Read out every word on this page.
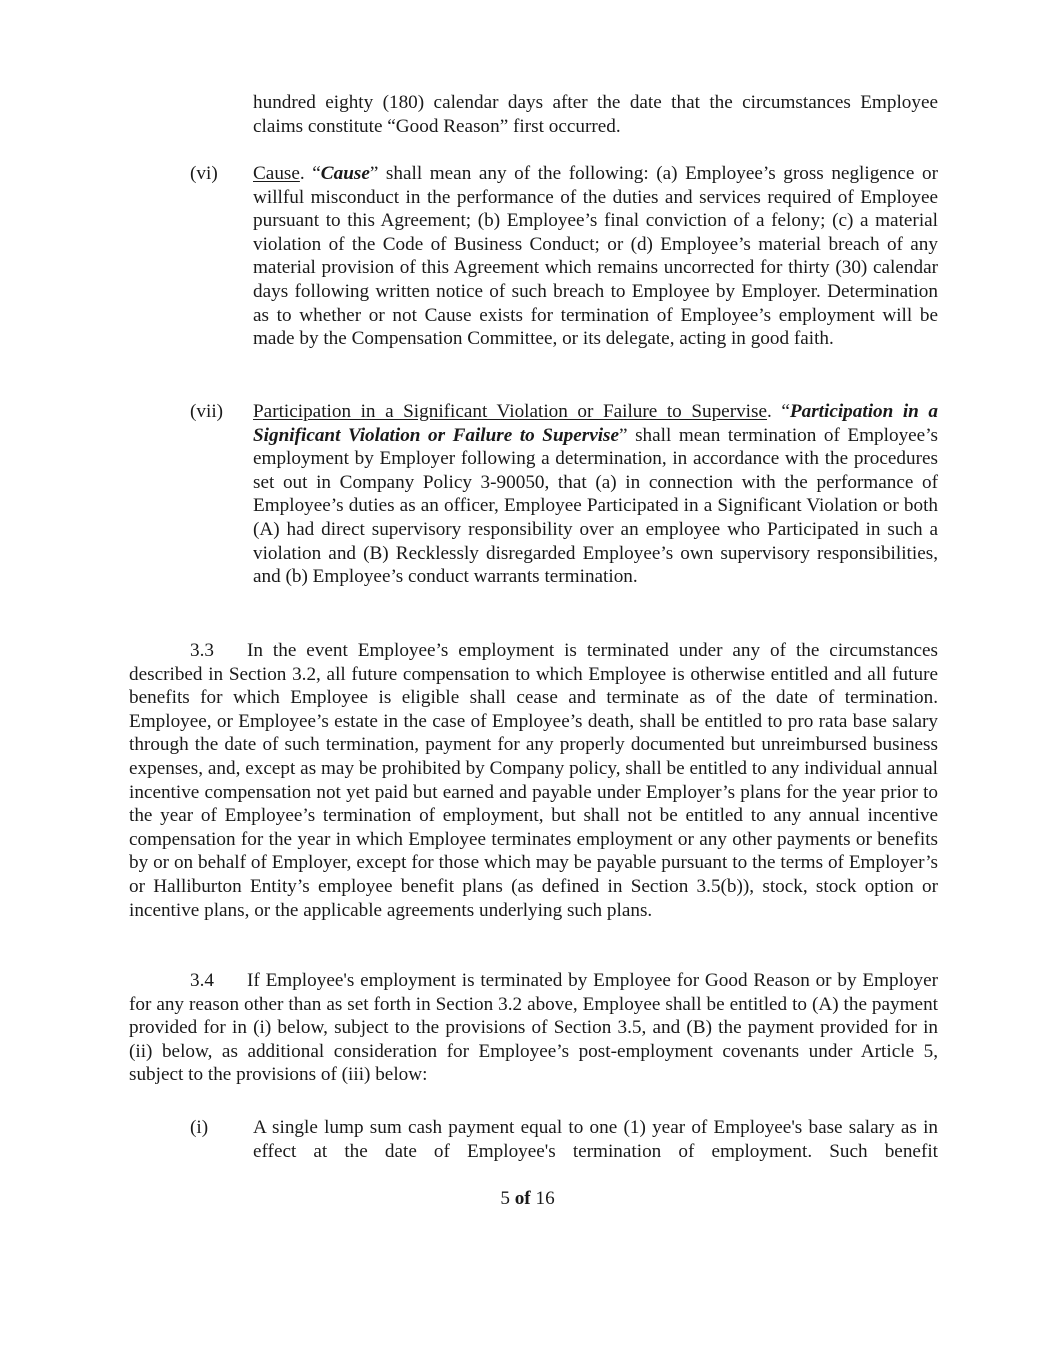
hundred eighty (180) calendar days after the date that the circumstances Employee claims constitute “Good Reason” first occurred.
(vi)	Cause. “Cause” shall mean any of the following: (a) Employee’s gross negligence or willful misconduct in the performance of the duties and services required of Employee pursuant to this Agreement; (b) Employee’s final conviction of a felony; (c) a material violation of the Code of Business Conduct; or (d) Employee’s material breach of any material provision of this Agreement which remains uncorrected for thirty (30) calendar days following written notice of such breach to Employee by Employer. Determination as to whether or not Cause exists for termination of Employee’s employment will be made by the Compensation Committee, or its delegate, acting in good faith.
(vii)	Participation in a Significant Violation or Failure to Supervise. “Participation in a Significant Violation or Failure to Supervise” shall mean termination of Employee’s employment by Employer following a determination, in accordance with the procedures set out in Company Policy 3-90050, that (a) in connection with the performance of Employee’s duties as an officer, Employee Participated in a Significant Violation or both (A) had direct supervisory responsibility over an employee who Participated in such a violation and (B) Recklessly disregarded Employee’s own supervisory responsibilities, and (b) Employee’s conduct warrants termination.
3.3 In the event Employee’s employment is terminated under any of the circumstances described in Section 3.2, all future compensation to which Employee is otherwise entitled and all future benefits for which Employee is eligible shall cease and terminate as of the date of termination. Employee, or Employee’s estate in the case of Employee’s death, shall be entitled to pro rata base salary through the date of such termination, payment for any properly documented but unreimbursed business expenses, and, except as may be prohibited by Company policy, shall be entitled to any individual annual incentive compensation not yet paid but earned and payable under Employer’s plans for the year prior to the year of Employee’s termination of employment, but shall not be entitled to any annual incentive compensation for the year in which Employee terminates employment or any other payments or benefits by or on behalf of Employer, except for those which may be payable pursuant to the terms of Employer’s or Halliburton Entity’s employee benefit plans (as defined in Section 3.5(b)), stock, stock option or incentive plans, or the applicable agreements underlying such plans.
3.4 If Employee's employment is terminated by Employee for Good Reason or by Employer for any reason other than as set forth in Section 3.2 above, Employee shall be entitled to (A) the payment provided for in (i) below, subject to the provisions of Section 3.5, and (B) the payment provided for in (ii) below, as additional consideration for Employee’s post-employment covenants under Article 5, subject to the provisions of (iii) below:
(i)	A single lump sum cash payment equal to one (1) year of Employee's base salary as in effect at the date of Employee's termination of employment. Such benefit
5 of 16
